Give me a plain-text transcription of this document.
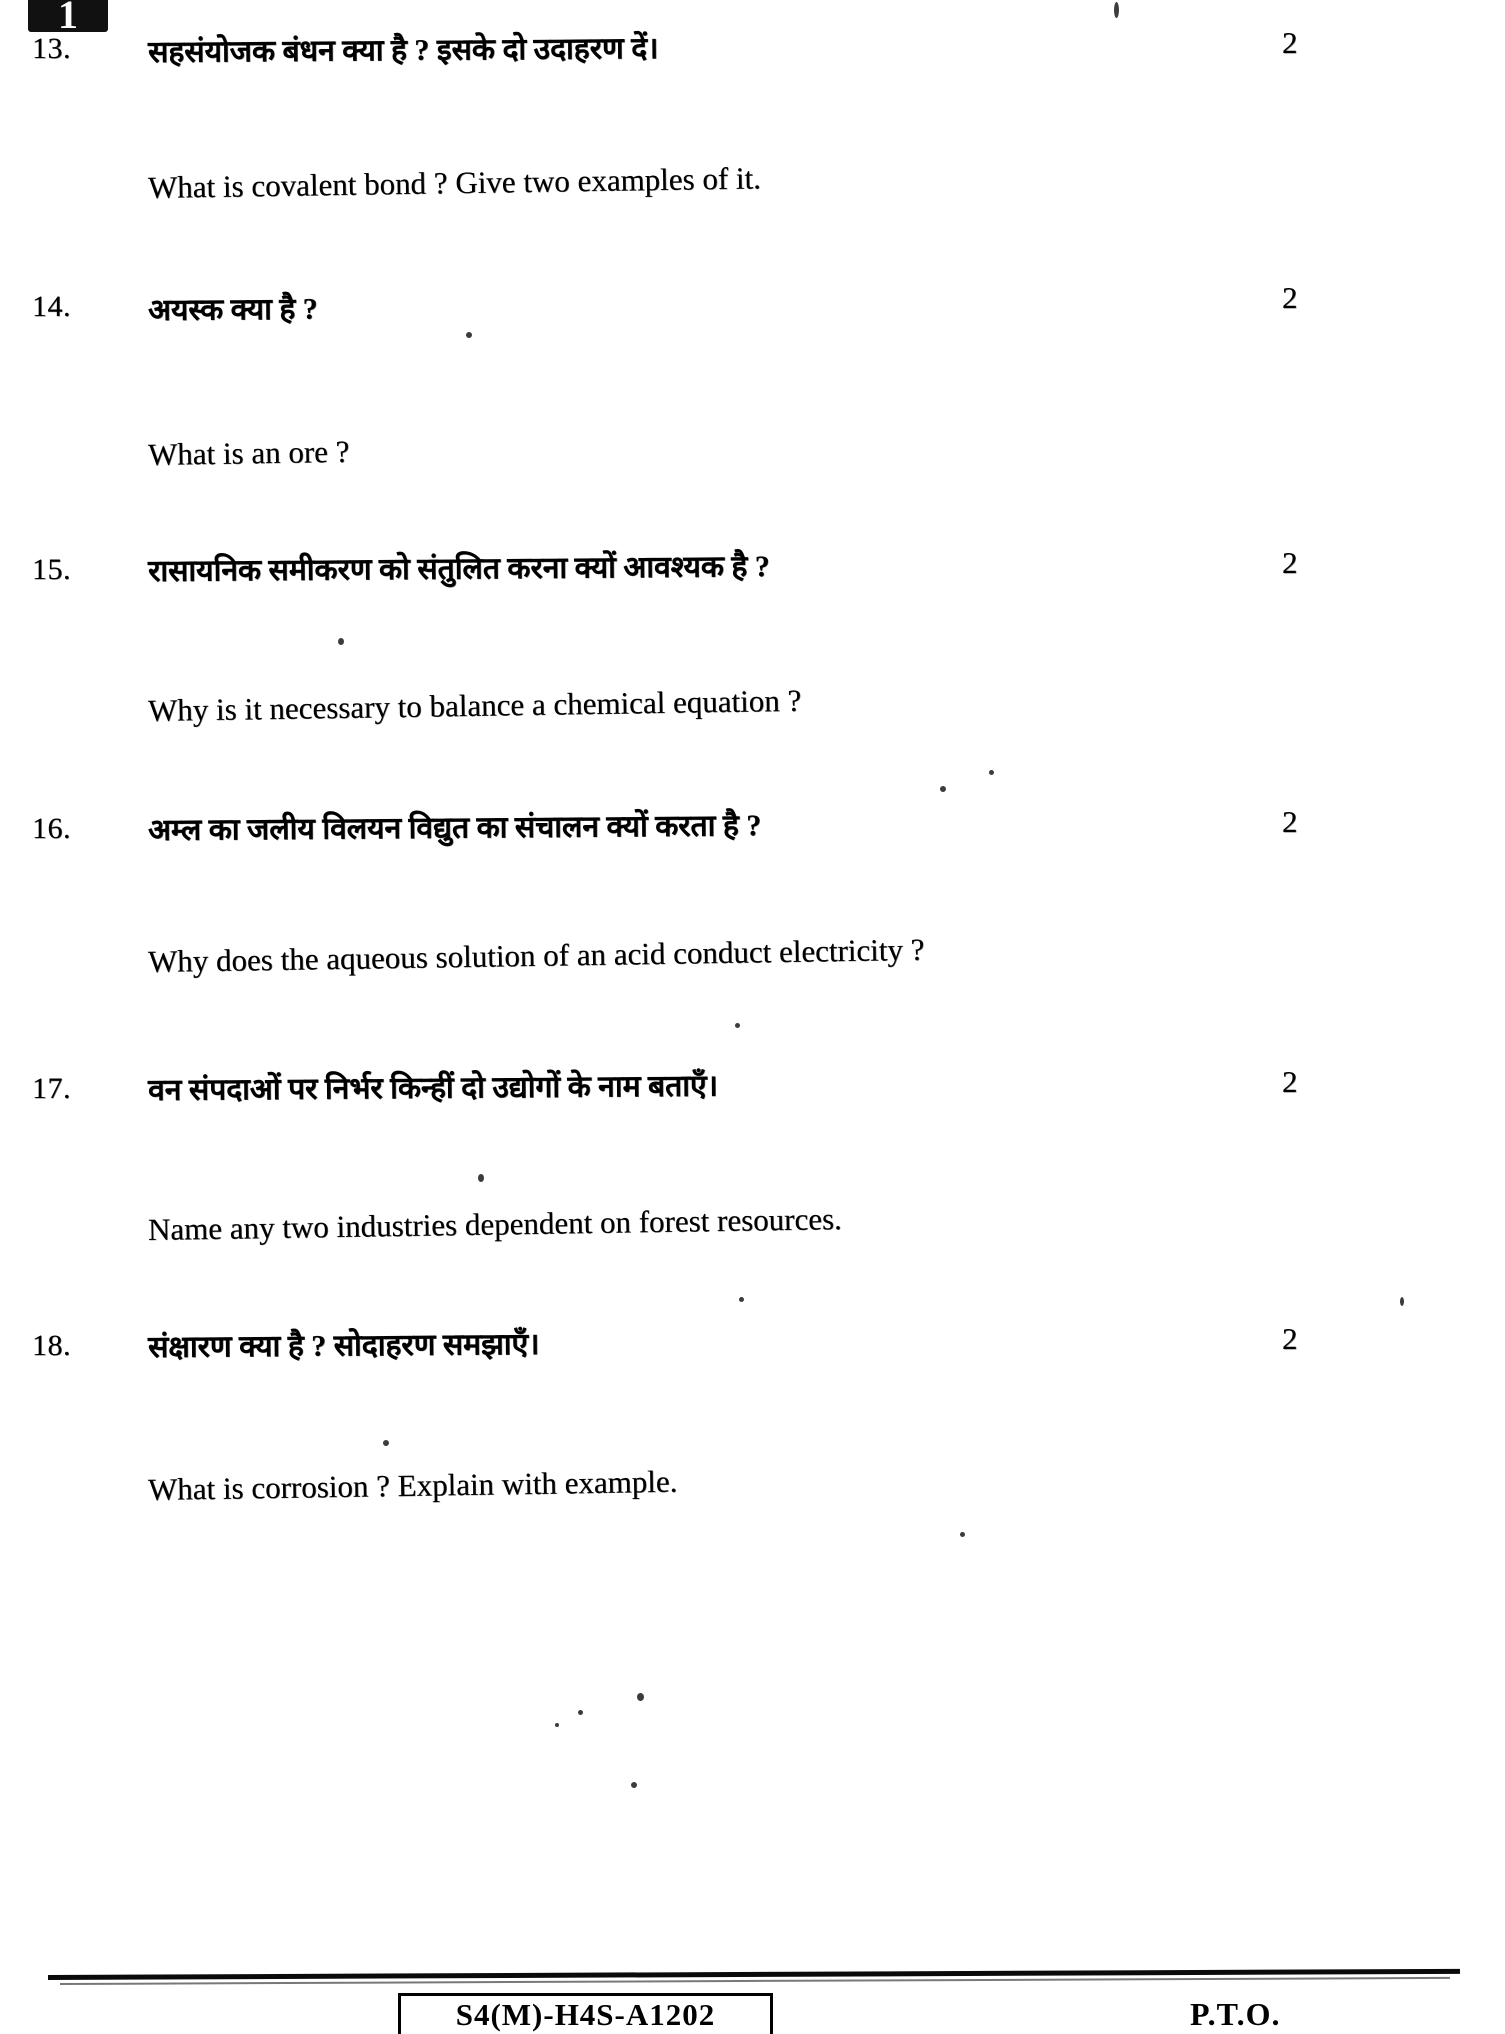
1
13.	सहसंयोजक बंधन क्या है ? इसके दो उदाहरण दें।
What is covalent bond ? Give two examples of it.
2
14.	अयस्क क्या है ?
What is an ore ?
2
15.	रासायनिक समीकरण को संतुलित करना क्यों आवश्यक है ?
Why is it necessary to balance a chemical equation ?
2
16.	अम्ल का जलीय विलयन विद्युत का संचालन क्यों करता है ?
Why does the aqueous solution of an acid conduct electricity ?
2
17.	वन संपदाओं पर निर्भर किन्हीं दो उद्योगों के नाम बताएँ।
Name any two industries dependent on forest resources.
2
18.	संक्षारण क्या है ? सोदाहरण समझाएँ।
What is corrosion ? Explain with example.
2
S4(M)-H4S-A1202	P.T.O.
